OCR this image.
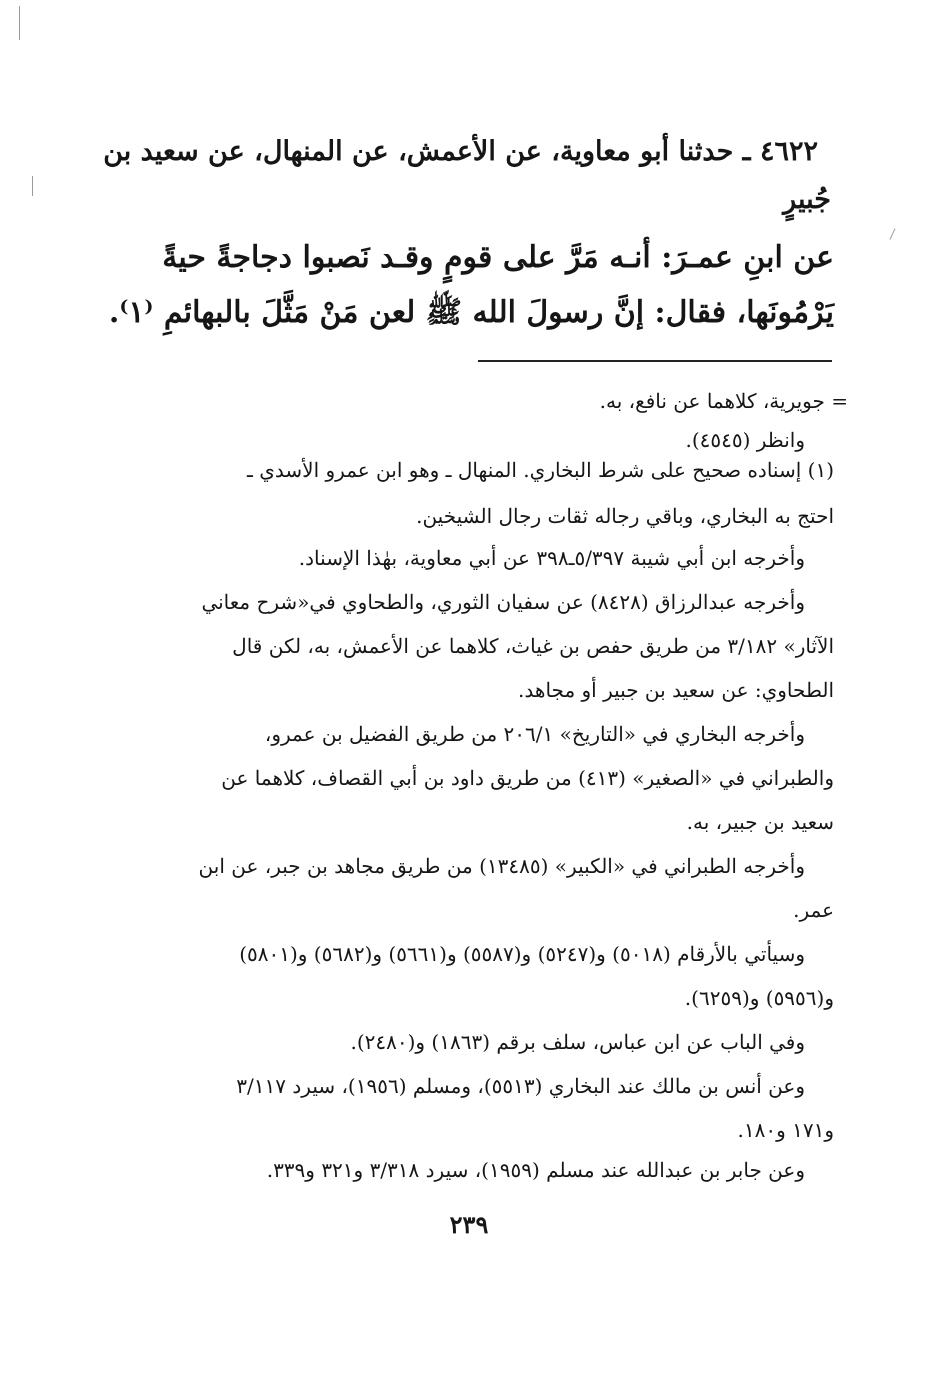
٤٦٢٢ ـ حدثنا أبو معاوية، عن الأعمش، عن المنهال، عن سعيد بن
جُبيرٍ
عن ابنِ عمـرَ: أنـه مَرَّ على قومٍ وقـد نَصبوا دجاجةً حيةً
يَرْمُونَها، فقال: إنَّ رسولَ الله ﷺ لعن مَنْ مَثَّلَ بالبهائمِ ⁽١⁾.
= جويرية، كلاهما عن نافع، به.
وانظر (٤٥٤٥).
(١) إسناده صحيح على شرط البخاري. المنهال ـ وهو ابن عمرو الأسدي ـ
احتج به البخاري، وباقي رجاله ثقات رجال الشيخين.
وأخرجه ابن أبي شيبة ٥/٣٩٧ـ٣٩٨ عن أبي معاوية، بهٰذا الإسناد.
وأخرجه عبدالرزاق (٨٤٢٨) عن سفيان الثوري، والطحاوي في«شرح معاني
الآثار» ٣/١٨٢ من طريق حفص بن غياث، كلاهما عن الأعمش، به، لكن قال
الطحاوي: عن سعيد بن جبير أو مجاهد.
وأخرجه البخاري في «التاريخ» ٢٠٦/١ من طريق الفضيل بن عمرو،
والطبراني في «الصغير» (٤١٣) من طريق داود بن أبي القصاف، كلاهما عن
سعيد بن جبير، به.
وأخرجه الطبراني في «الكبير» (١٣٤٨٥) من طريق مجاهد بن جبر، عن ابن
عمر.
وسيأتي بالأرقام (٥٠١٨) و(٥٢٤٧) و(٥٥٨٧) و(٥٦٦١) و(٥٦٨٢) و(٥٨٠١)
و(٥٩٥٦) و(٦٢٥٩).
وفي الباب عن ابن عباس، سلف برقم (١٨٦٣) و(٢٤٨٠).
وعن أنس بن مالك عند البخاري (٥٥١٣)، ومسلم (١٩٥٦)، سيرد ٣/١١٧
و١٧١ و١٨٠.
وعن جابر بن عبدالله عند مسلم (١٩٥٩)، سيرد ٣/٣١٨ و٣٢١ و٣٣٩.
٢٣٩
